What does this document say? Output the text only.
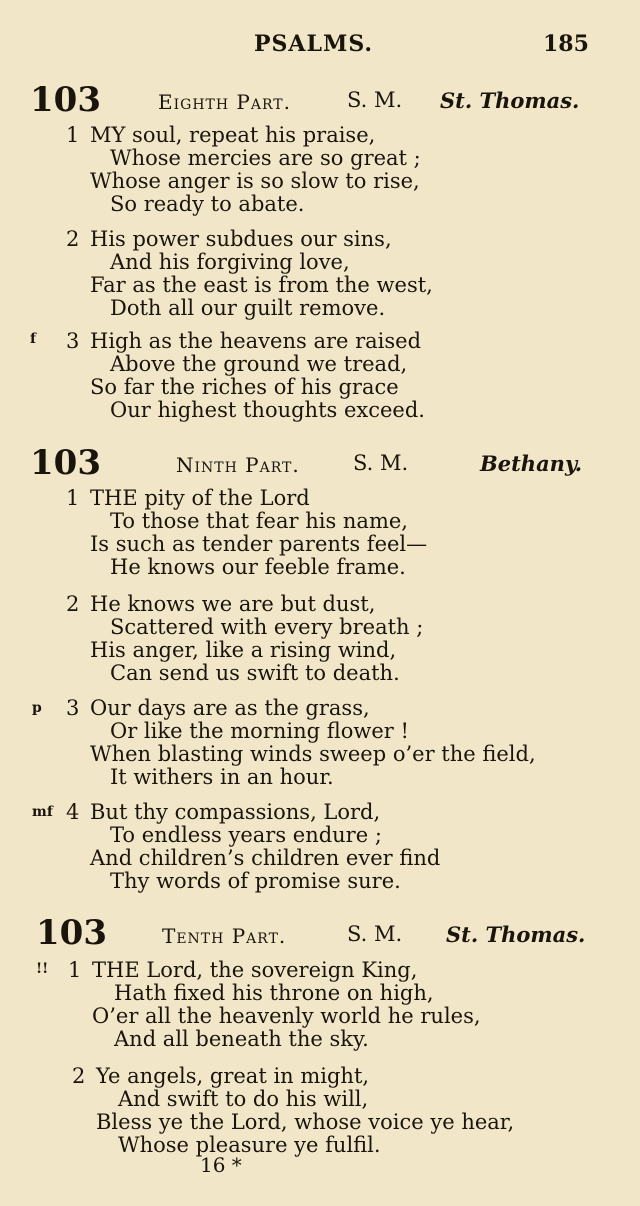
PSALMS.	185
103	Eighth Part.	S. M. St. Thomas.
1 MY soul, repeat his praise,
Whose mercies are so great ;
Whose anger is so slow to rise,
So ready to abate.
2 His power subdues our sins,
And his forgiving love,
Far as the east is from the west,
Doth all our guilt remove.
f 3 High as the heavens are raised
Above the ground we tread,
So far the riches of his grace
Our highest thoughts exceed.
103	Ninth Part.	S. M.	Bethany.
1 THE pity of the Lord
To those that fear his name,
Is such as tender parents feel—
He knows our feeble frame.
2 He knows we are but dust,
Scattered with every breath ;
His anger, like a rising wind,
Can send us swift to death.
p 3 Our days are as the grass,
Or like the morning flower !
When blasting winds sweep o’er the field,
It withers in an hour.
mf 4 But thy compassions, Lord,
To endless years endure ;
And children’s children ever find
Thy words of promise sure.
103	Tenth Part.	S. M. St. Thomas.
!! 1 THE Lord, the sovereign King,
Hath fixed his throne on high,
O’er all the heavenly world he rules,
And all beneath the sky.
2 Ye angels, great in might,
And swift to do his will,
Bless ye the Lord, whose voice ye hear,
Whose pleasure ye fulfil.
16 *
